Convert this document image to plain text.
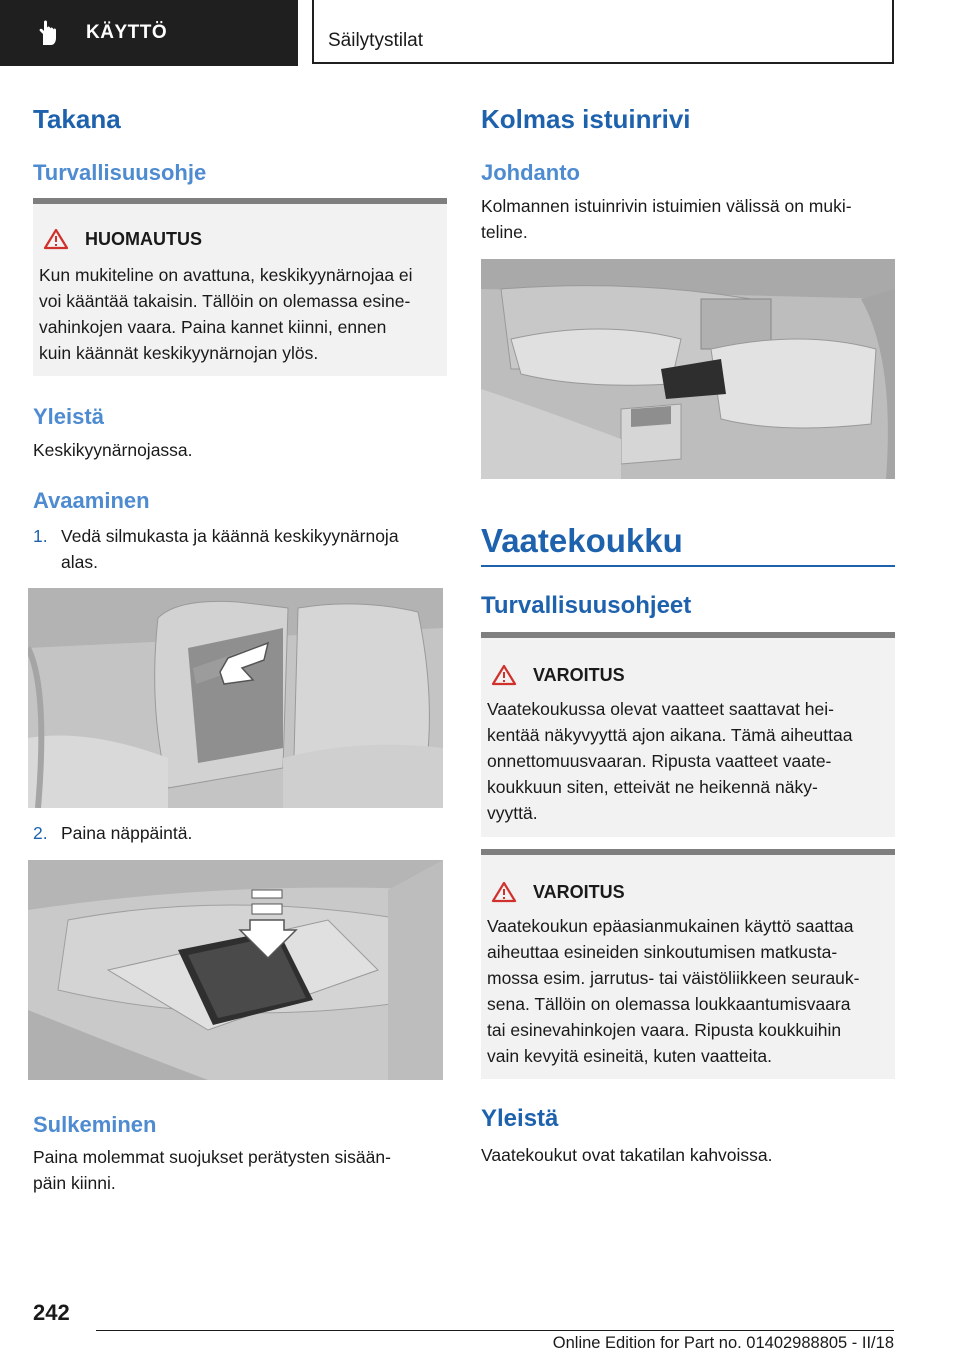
KÄYTTÖ	Säilytystilat
Takana
Turvallisuusohje
HUOMAUTUS
Kun mukiteline on avattuna, keskikyynärnojaa ei
voi kääntää takaisin. Tällöin on olemassa esine-
vahinkojen vaara. Paina kannet kiinni, ennen
kuin käännät keskikyynärnojan ylös.
Yleistä
Keskikyynärnojassa.
Avaaminen
1. Vedä silmukasta ja käännä keskikyynärnoja
alas.
2. Paina näppäintä.
Sulkeminen
Paina molemmat suojukset perätysten sisään-
päin kiinni.
Kolmas istuinrivi
Johdanto
Kolmannen istuinrivin istuimien välissä on muki-
teline.
Vaatekoukku
Turvallisuusohjeet
VAROITUS
Vaatekoukussa olevat vaatteet saattavat hei-
kentää näkyvyyttä ajon aikana. Tämä aiheuttaa
onnettomuusvaaran. Ripusta vaatteet vaate-
koukkuun siten, etteivät ne heikennä näky-
vyyttä.
VAROITUS
Vaatekoukun epäasianmukainen käyttö saattaa
aiheuttaa esineiden sinkoutumisen matkusta-
mossa esim. jarrutus- tai väistöliikkeen seurauk-
sena. Tällöin on olemassa loukkaantumisvaara
tai esinevahinkojen vaara. Ripusta koukkuihin
vain kevyitä esineitä, kuten vaatteita.
Yleistä
Vaatekoukut ovat takatilan kahvoissa.
242
Online Edition for Part no. 01402988805 - II/18
